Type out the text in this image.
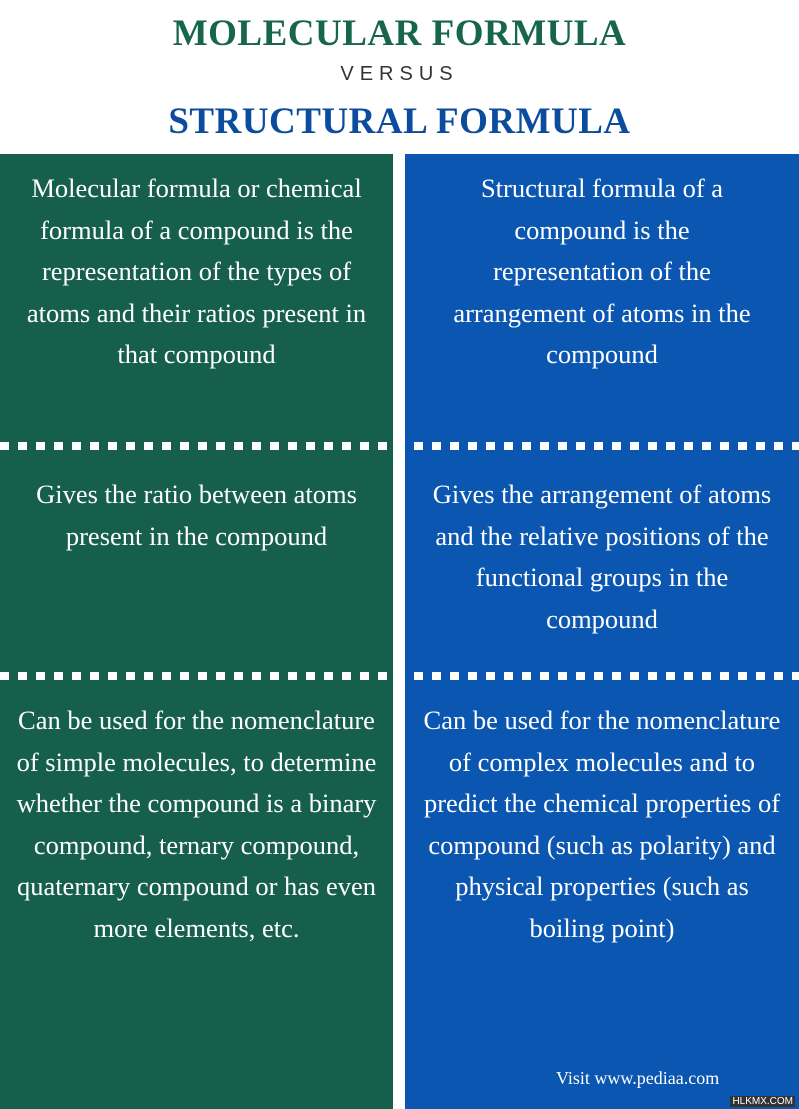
MOLECULAR FORMULA
VERSUS
STRUCTURAL FORMULA
Molecular formula or chemical formula of a compound is the representation of the types of atoms and their ratios present in that compound
Gives the ratio between atoms present in the compound
Can be used for the nomenclature of simple molecules, to determine whether the compound is a binary compound, ternary compound, quaternary compound or has even more elements, etc.
Structural formula of a compound is the representation of the arrangement of atoms in the compound
Gives the arrangement of atoms and the relative positions of the functional groups in the compound
Can be used for the nomenclature of complex molecules and to predict the chemical properties of compound (such as polarity) and physical properties (such as boiling point)
Visit www.pediaa.com
HLKMX.COM
